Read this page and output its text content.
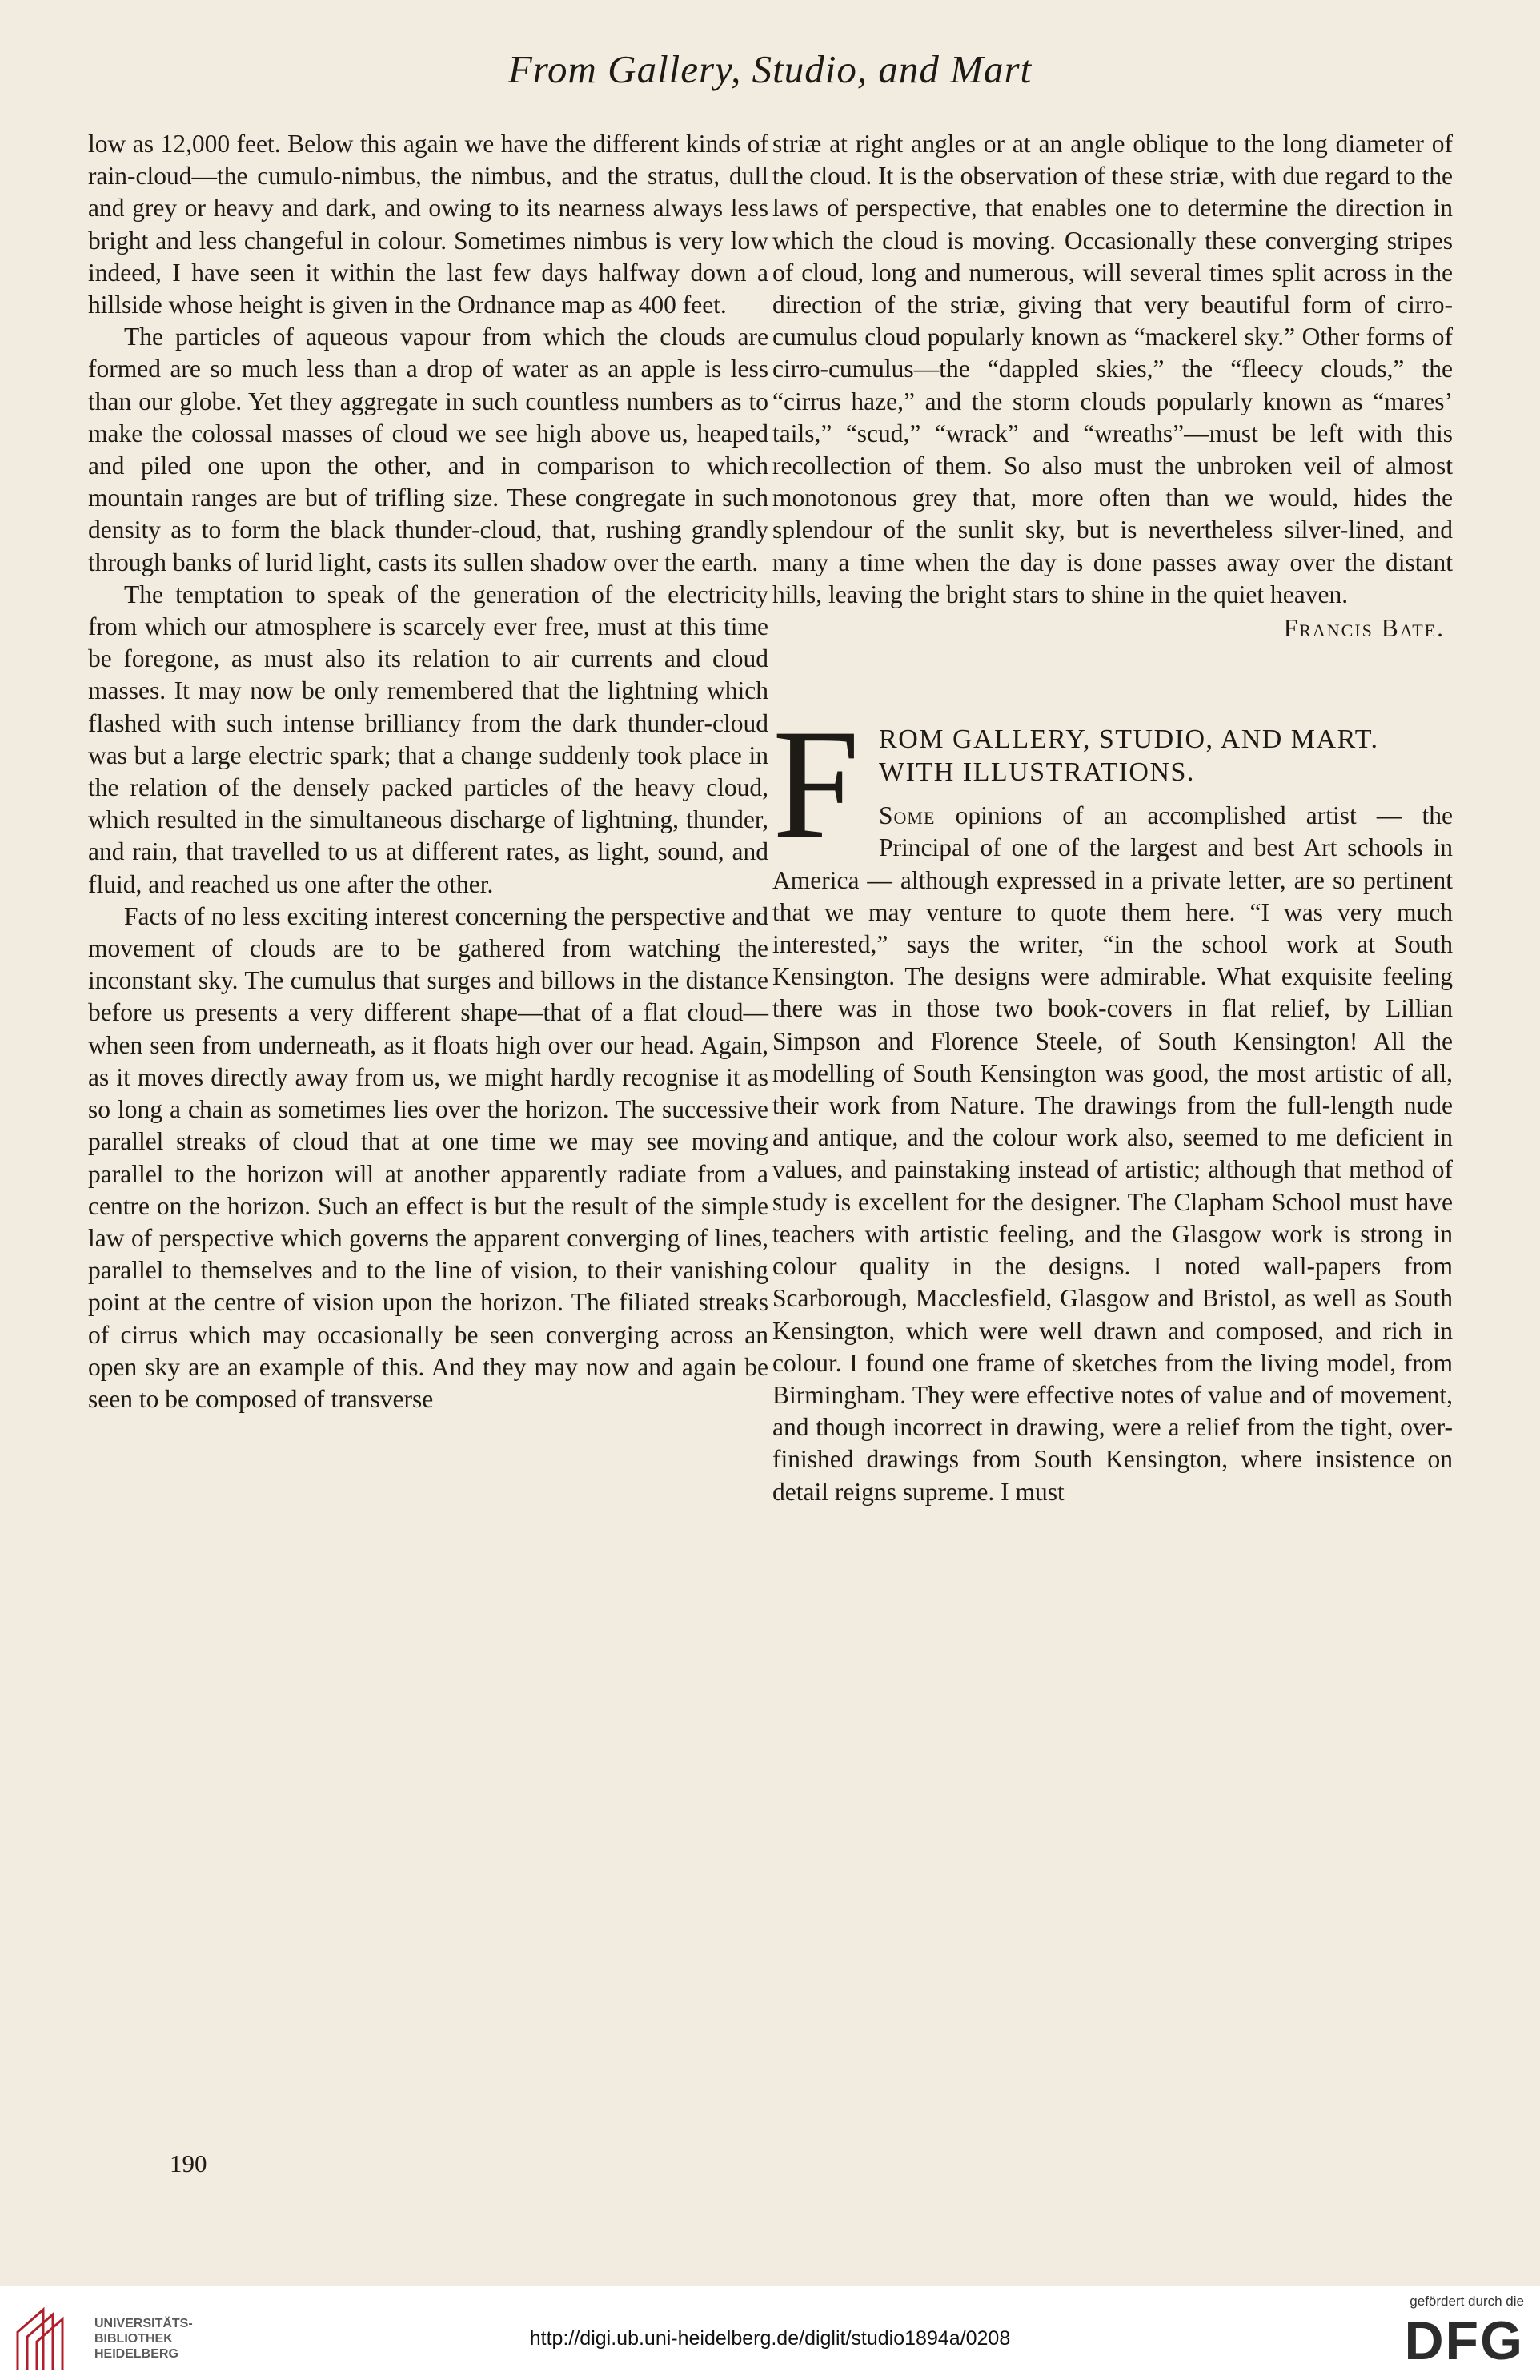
From Gallery, Studio, and Mart

low as 12,000 feet. Below this again we have the different kinds of rain-cloud—the cumulo-nimbus, the nimbus, and the stratus, dull and grey or heavy and dark, and owing to its nearness always less bright and less changeful in colour. Sometimes nimbus is very low indeed, I have seen it within the last few days halfway down a hillside whose height is given in the Ordnance map as 400 feet.

The particles of aqueous vapour from which the clouds are formed are so much less than a drop of water as an apple is less than our globe. Yet they aggregate in such countless numbers as to make the colossal masses of cloud we see high above us, heaped and piled one upon the other, and in comparison to which mountain ranges are but of trifling size. These congregate in such density as to form the black thunder-cloud, that, rushing grandly through banks of lurid light, casts its sullen shadow over the earth.

The temptation to speak of the generation of the electricity from which our atmosphere is scarcely ever free, must at this time be foregone, as must also its relation to air currents and cloud masses. It may now be only remembered that the lightning which flashed with such intense brilliancy from the dark thunder-cloud was but a large electric spark; that a change suddenly took place in the relation of the densely packed particles of the heavy cloud, which resulted in the simultaneous discharge of lightning, thunder, and rain, that travelled to us at different rates, as light, sound, and fluid, and reached us one after the other.

Facts of no less exciting interest concerning the perspective and movement of clouds are to be gathered from watching the inconstant sky. The cumulus that surges and billows in the distance before us presents a very different shape—that of a flat cloud—when seen from underneath, as it floats high over our head. Again, as it moves directly away from us, we might hardly recognise it as so long a chain as sometimes lies over the horizon. The successive parallel streaks of cloud that at one time we may see moving parallel to the horizon will at another apparently radiate from a centre on the horizon. Such an effect is but the result of the simple law of perspective which governs the apparent converging of lines, parallel to themselves and to the line of vision, to their vanishing point at the centre of vision upon the horizon. The filiated streaks of cirrus which may occasionally be seen converging across an open sky are an example of this. And they may now and again be seen to be composed of transverse

striæ at right angles or at an angle oblique to the long diameter of the cloud. It is the observation of these striæ, with due regard to the laws of perspective, that enables one to determine the direction in which the cloud is moving. Occasionally these converging stripes of cloud, long and numerous, will several times split across in the direction of the striæ, giving that very beautiful form of cirro-cumulus cloud popularly known as “mackerel sky.” Other forms of cirro-cumulus—the “dappled skies,” the “fleecy clouds,” the “cirrus haze,” and the storm clouds popularly known as “mares’ tails,” “scud,” “wrack” and “wreaths”—must be left with this recollection of them. So also must the unbroken veil of almost monotonous grey that, more often than we would, hides the splendour of the sunlit sky, but is nevertheless silver-lined, and many a time when the day is done passes away over the distant hills, leaving the bright stars to shine in the quiet heaven.

Francis Bate.

F ROM GALLERY, STUDIO, AND MART. WITH ILLUSTRATIONS.

Some opinions of an accomplished artist — the Principal of one of the largest and best Art schools in America — although expressed in a private letter, are so pertinent that we may venture to quote them here. “I was very much interested,” says the writer, “in the school work at South Kensington. The designs were admirable. What exquisite feeling there was in those two book-covers in flat relief, by Lillian Simpson and Florence Steele, of South Kensington! All the modelling of South Kensington was good, the most artistic of all, their work from Nature. The drawings from the full-length nude and antique, and the colour work also, seemed to me deficient in values, and painstaking instead of artistic; although that method of study is excellent for the designer. The Clapham School must have teachers with artistic feeling, and the Glasgow work is strong in colour quality in the designs. I noted wall-papers from Scarborough, Macclesfield, Glasgow and Bristol, as well as South Kensington, which were well drawn and composed, and rich in colour. I found one frame of sketches from the living model, from Birmingham. They were effective notes of value and of movement, and though incorrect in drawing, were a relief from the tight, over-finished drawings from South Kensington, where insistence on detail reigns supreme. I must

190
UNIVERSITÄTS-
BIBLIOTHEK
HEIDELBERG
http://digi.ub.uni-heidelberg.de/diglit/studio1894a/0208
gefördert durch die
DFG
